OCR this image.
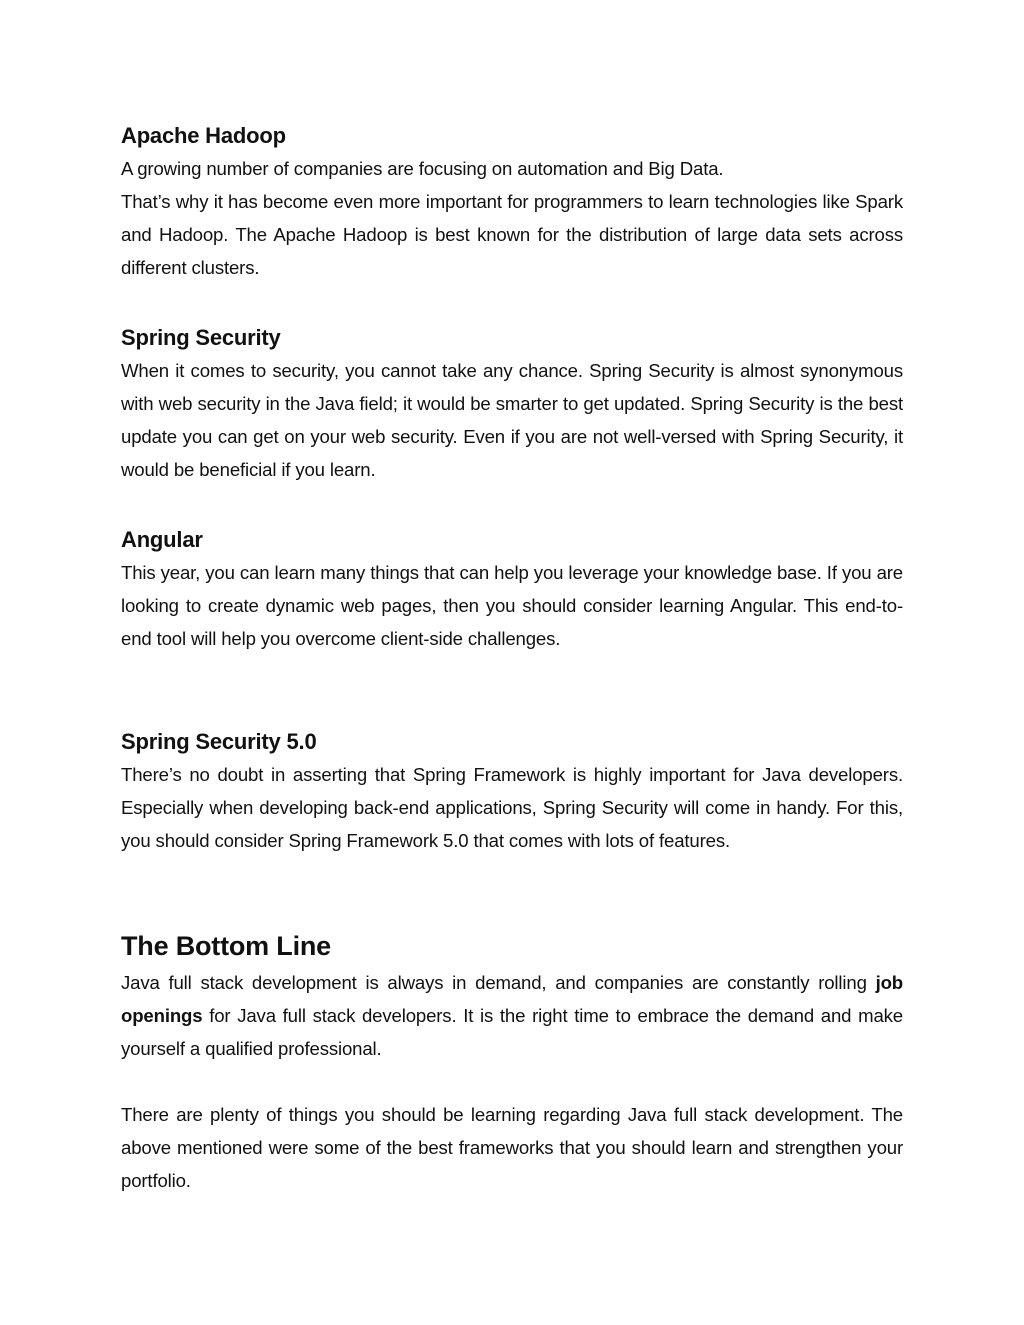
Apache Hadoop

A growing number of companies are focusing on automation and Big Data.

That’s why it has become even more important for programmers to learn technologies like Spark and Hadoop. The Apache Hadoop is best known for the distribution of large data sets across different clusters.

Spring Security

When it comes to security, you cannot take any chance. Spring Security is almost synonymous with web security in the Java field; it would be smarter to get updated. Spring Security is the best update you can get on your web security. Even if you are not well-versed with Spring Security, it would be beneficial if you learn.

Angular

This year, you can learn many things that can help you leverage your knowledge base. If you are looking to create dynamic web pages, then you should consider learning Angular. This end-to-end tool will help you overcome client-side challenges.

Spring Security 5.0

There’s no doubt in asserting that Spring Framework is highly important for Java developers. Especially when developing back-end applications, Spring Security will come in handy. For this, you should consider Spring Framework 5.0 that comes with lots of features.

The Bottom Line

Java full stack development is always in demand, and companies are constantly rolling job openings for Java full stack developers. It is the right time to embrace the demand and make yourself a qualified professional.

There are plenty of things you should be learning regarding Java full stack development. The above mentioned were some of the best frameworks that you should learn and strengthen your portfolio.
